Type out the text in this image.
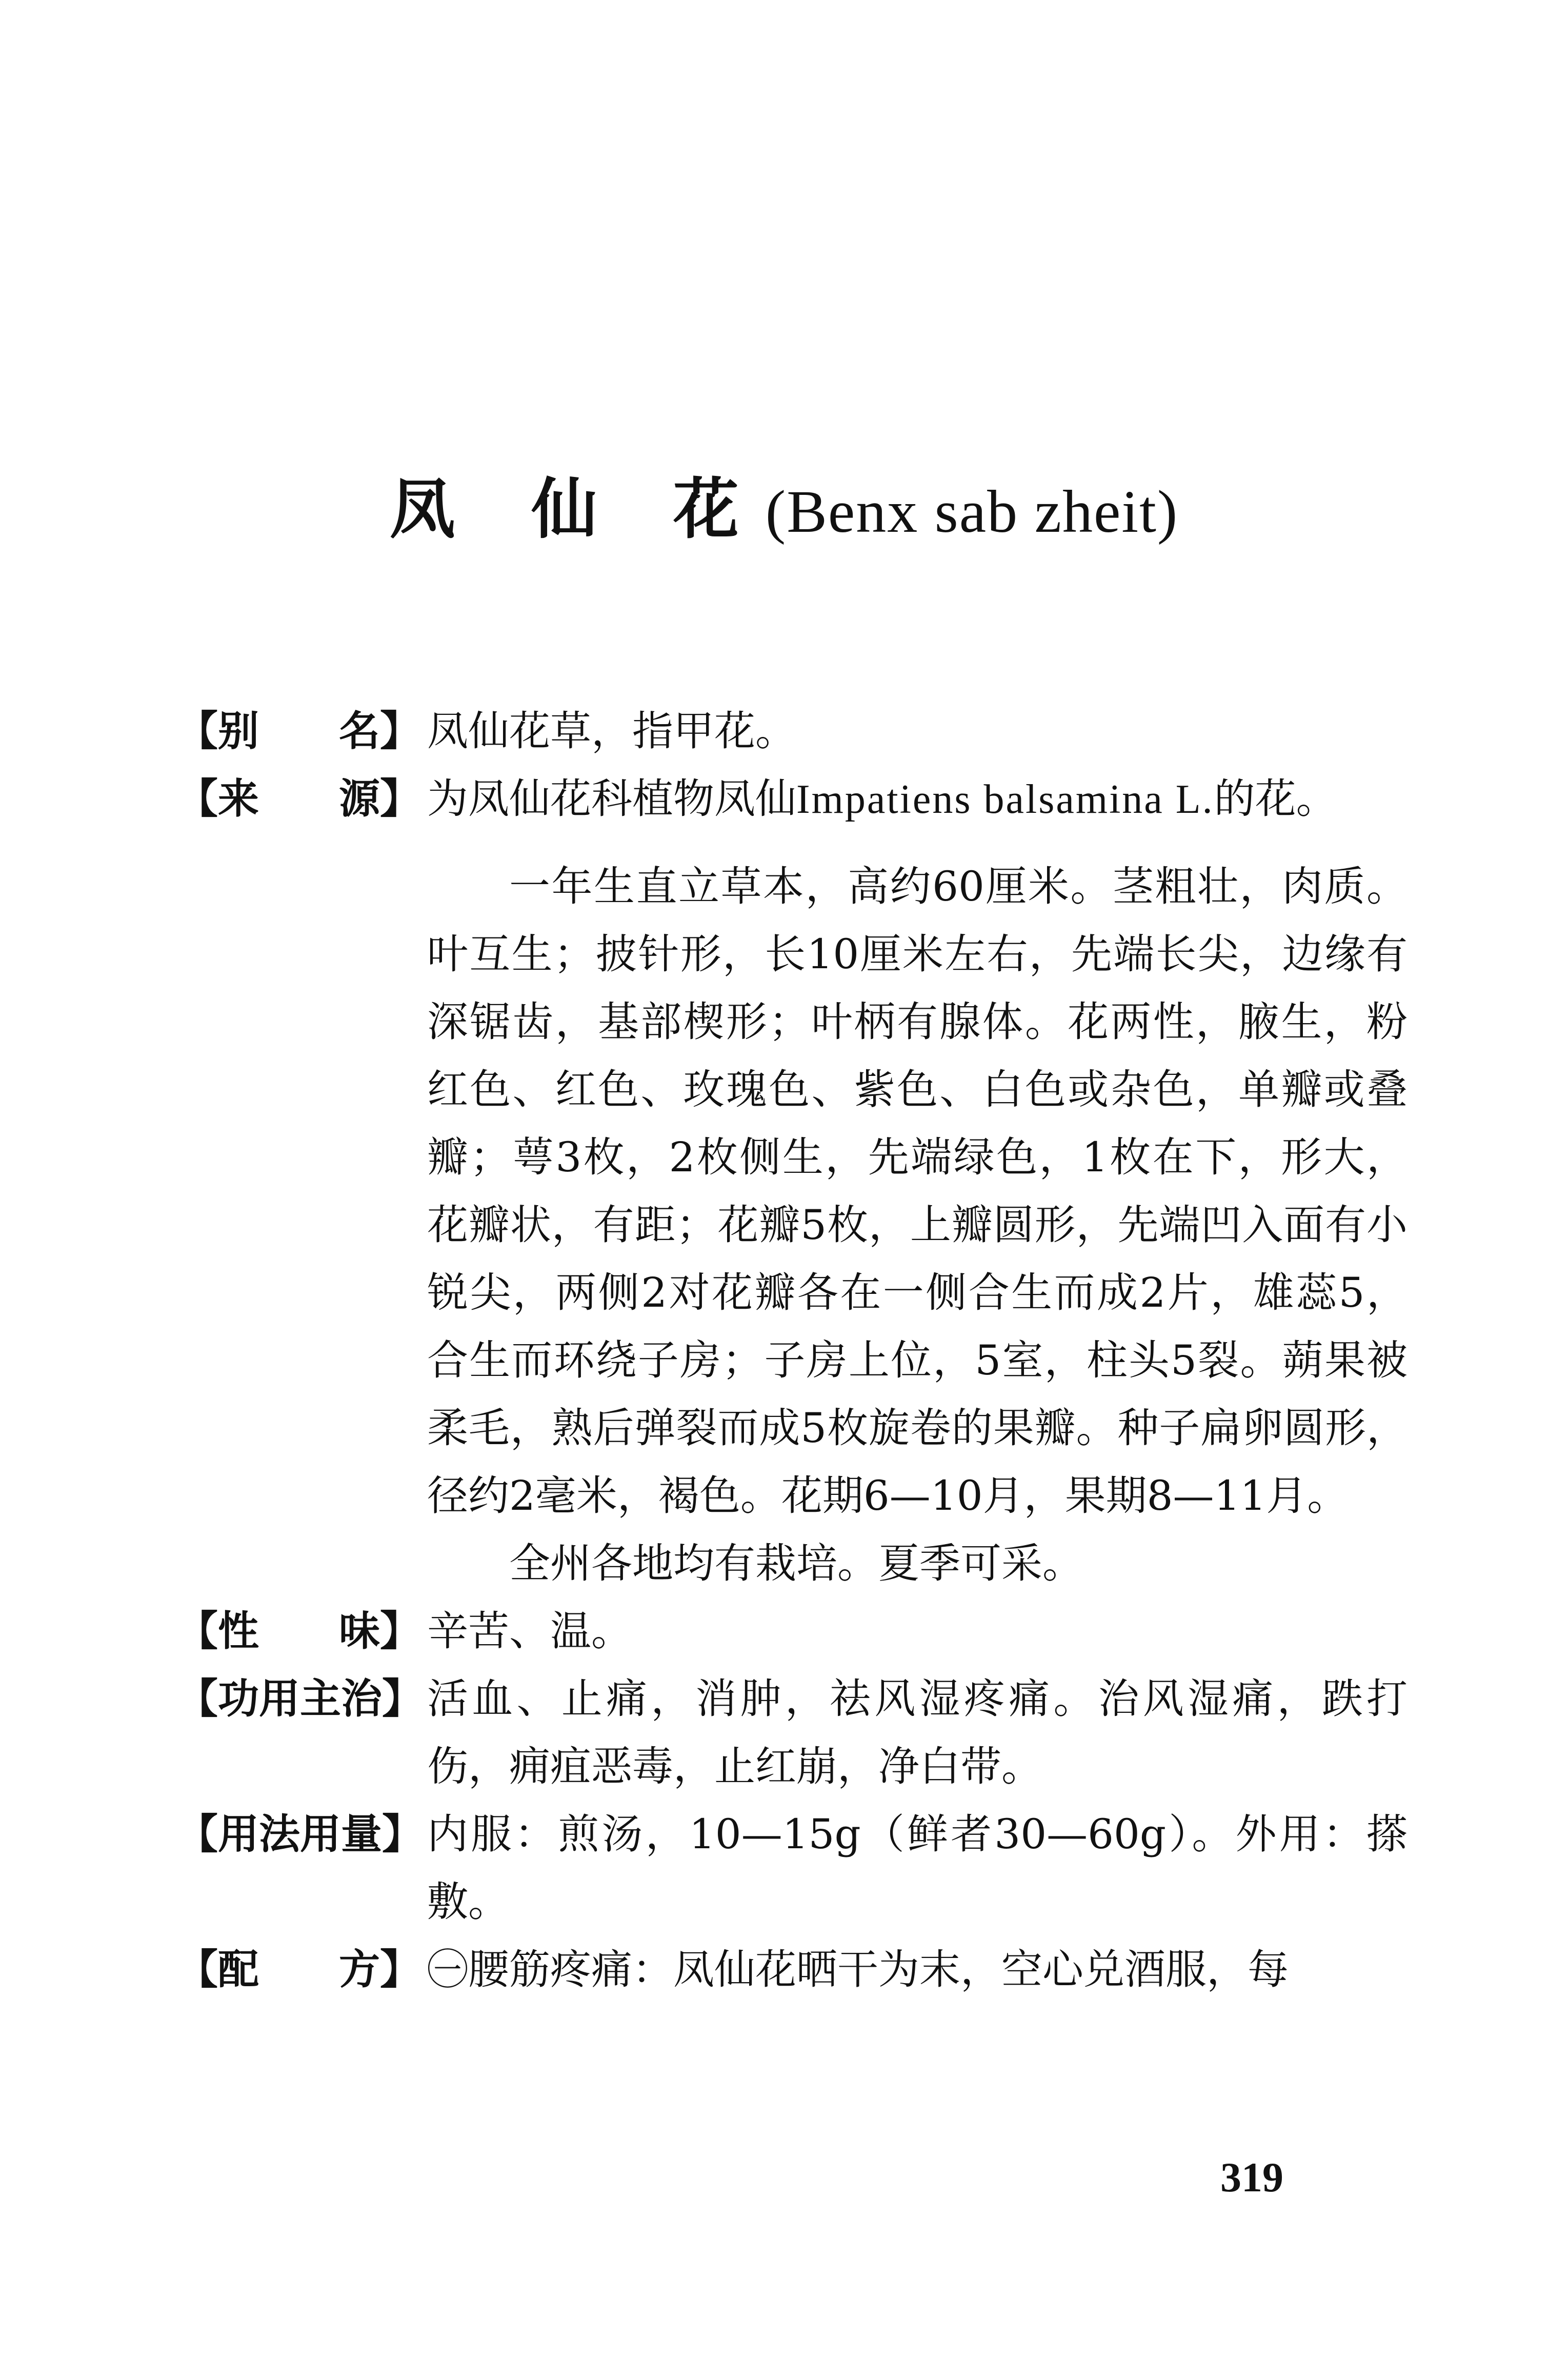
凤 仙 花(Benx sab zheit)
【别 名】 凤仙花草，指甲花。

【来 源】 为凤仙花科植物凤仙Impatiens balsamina L.的花。

一年生直立草本，高约60厘米。茎粗壮，肉质。叶互生；披针形，长10厘米左右，先端长尖，边缘有深锯齿，基部楔形；叶柄有腺体。花两性，腋生，粉红色、红色、玫瑰色、紫色、白色或杂色，单瓣或叠瓣；萼3枚，2枚侧生，先端绿色，1枚在下，形大，花瓣状，有距；花瓣5枚，上瓣圆形，先端凹入面有小锐尖，两侧2对花瓣各在一侧合生而成2片，雄蕊5，合生而环绕子房；子房上位，5室，柱头5裂。蒴果被柔毛，熟后弹裂而成5枚旋卷的果瓣。种子扁卵圆形，径约2毫米，褐色。花期6—10月，果期8—11月。

全州各地均有栽培。夏季可采。

【性 味】 辛苦、温。

【功用主治】 活血、止痛，消肿，祛风湿疼痛。治风湿痛，跌打伤，痈疽恶毒，止红崩，净白带。

【用法用量】 内服：煎汤，10—15g（鲜者30—60g）。外用：搽敷。

【配 方】 ㊀腰筋疼痛：凤仙花晒干为末，空心兑酒服，每

319
